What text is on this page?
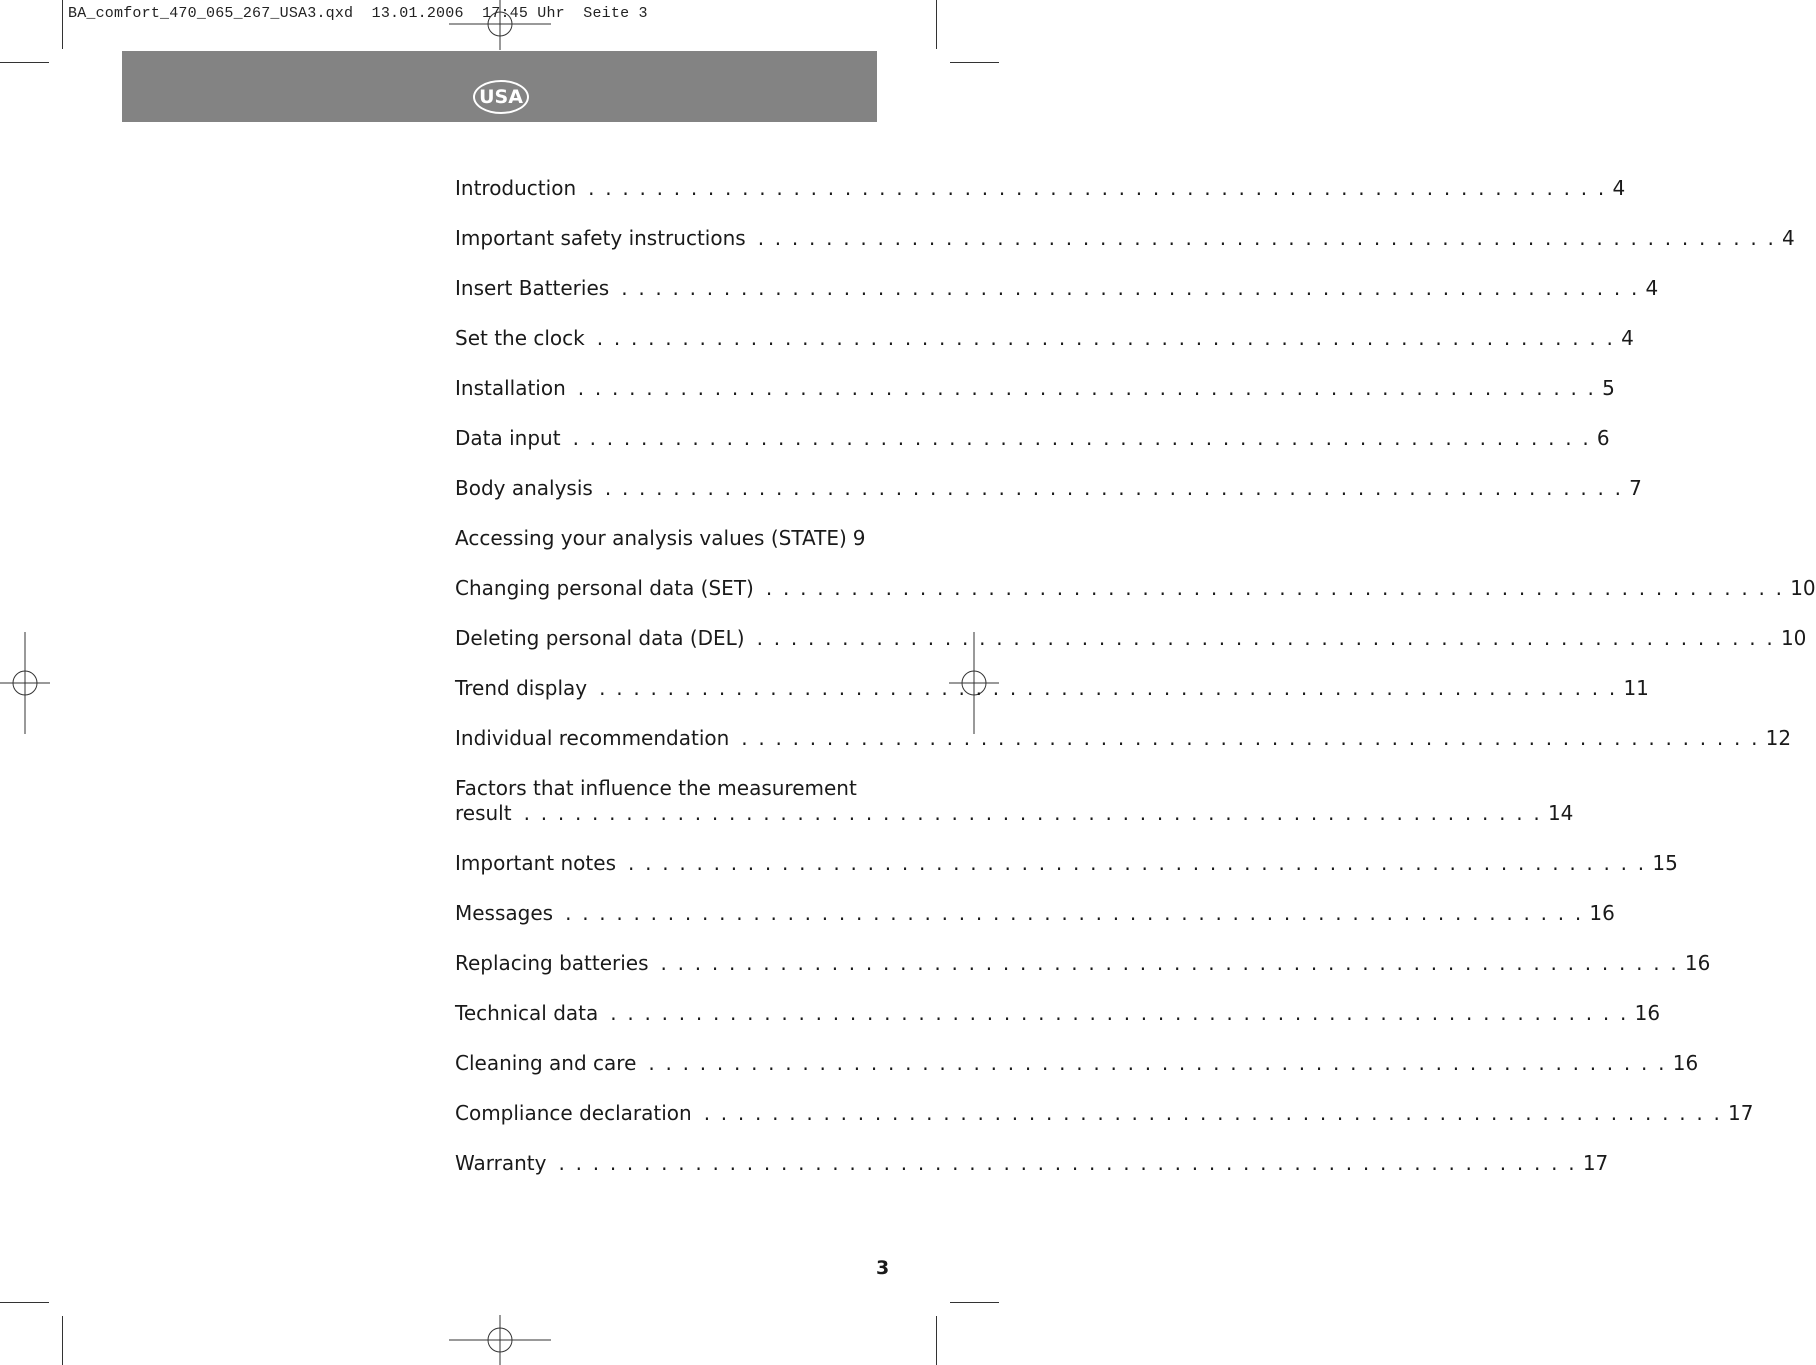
BA_comfort_470_065_267_USA3.qxd  13.01.2006  17:45 Uhr  Seite 3
USA
Introduction . . . . . . . . . . . . . . . . . . . . . . . . . . . . . . . . . . . . . . . . . . . . . . . . . . . . . . . . . . . . 4
Important safety instructions . . . . . . . . . . . . . . . . . . . . . . . . . . . . . . . . . . . . . . . . . . . . . . . . . . . . . . . . . . . . 4
Insert Batteries . . . . . . . . . . . . . . . . . . . . . . . . . . . . . . . . . . . . . . . . . . . . . . . . . . . . . . . . . . . . 4
Set the clock . . . . . . . . . . . . . . . . . . . . . . . . . . . . . . . . . . . . . . . . . . . . . . . . . . . . . . . . . . . . 4
Installation . . . . . . . . . . . . . . . . . . . . . . . . . . . . . . . . . . . . . . . . . . . . . . . . . . . . . . . . . . . . 5
Data input . . . . . . . . . . . . . . . . . . . . . . . . . . . . . . . . . . . . . . . . . . . . . . . . . . . . . . . . . . . . 6
Body analysis . . . . . . . . . . . . . . . . . . . . . . . . . . . . . . . . . . . . . . . . . . . . . . . . . . . . . . . . . . . . 7
Accessing your analysis values (STATE) 9
Changing personal data (SET) . . . . . . . . . . . . . . . . . . . . . . . . . . . . . . . . . . . . . . . . . . . . . . . . . . . . . . . . . . . . 10
Deleting personal data (DEL) . . . . . . . . . . . . . . . . . . . . . . . . . . . . . . . . . . . . . . . . . . . . . . . . . . . . . . . . . . . . 10
Trend display . . . . . . . . . . . . . . . . . . . . . . . . . . . . . . . . . . . . . . . . . . . . . . . . . . . . . . . . . . . . 11
Individual recommendation . . . . . . . . . . . . . . . . . . . . . . . . . . . . . . . . . . . . . . . . . . . . . . . . . . . . . . . . . . . . 12
Factors that influence the measurement
result . . . . . . . . . . . . . . . . . . . . . . . . . . . . . . . . . . . . . . . . . . . . . . . . . . . . . . . . . . . . 14
Important notes . . . . . . . . . . . . . . . . . . . . . . . . . . . . . . . . . . . . . . . . . . . . . . . . . . . . . . . . . . . . 15
Messages . . . . . . . . . . . . . . . . . . . . . . . . . . . . . . . . . . . . . . . . . . . . . . . . . . . . . . . . . . . . 16
Replacing batteries . . . . . . . . . . . . . . . . . . . . . . . . . . . . . . . . . . . . . . . . . . . . . . . . . . . . . . . . . . . . 16
Technical data . . . . . . . . . . . . . . . . . . . . . . . . . . . . . . . . . . . . . . . . . . . . . . . . . . . . . . . . . . . . 16
Cleaning and care . . . . . . . . . . . . . . . . . . . . . . . . . . . . . . . . . . . . . . . . . . . . . . . . . . . . . . . . . . . . 16
Compliance declaration . . . . . . . . . . . . . . . . . . . . . . . . . . . . . . . . . . . . . . . . . . . . . . . . . . . . . . . . . . . . 17
Warranty . . . . . . . . . . . . . . . . . . . . . . . . . . . . . . . . . . . . . . . . . . . . . . . . . . . . . . . . . . . . 17
3
